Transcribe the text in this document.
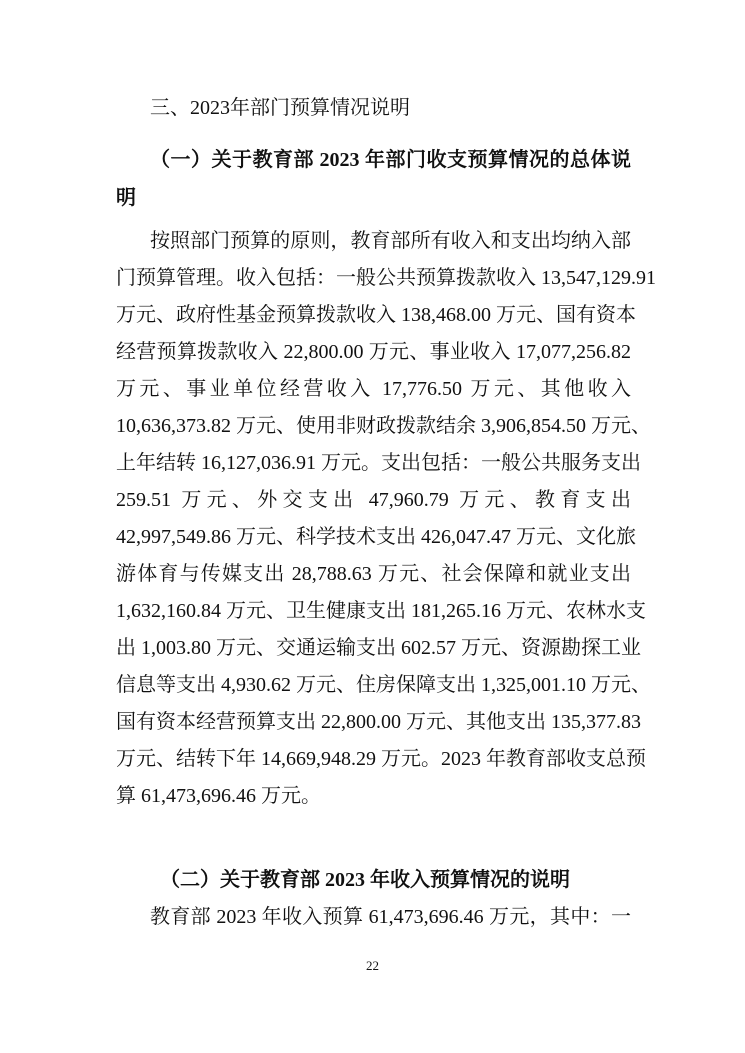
三、2023年部门预算情况说明
（一）关于教育部 2023 年部门收支预算情况的总体说
明
按照部门预算的原则，教育部所有收入和支出均纳入部
门预算管理。收入包括：一般公共预算拨款收入 13,547,129.91
万元、政府性基金预算拨款收入 138,468.00 万元、国有资本
经营预算拨款收入 22,800.00 万元、事业收入 17,077,256.82
万元、事业单位经营收入 17,776.50 万元、其他收入
10,636,373.82 万元、使用非财政拨款结余 3,906,854.50 万元、
上年结转 16,127,036.91 万元。支出包括：一般公共服务支出
259.51 万元、外交支出 47,960.79 万元、教育支出
42,997,549.86 万元、科学技术支出 426,047.47 万元、文化旅
游体育与传媒支出 28,788.63 万元、社会保障和就业支出
1,632,160.84 万元、卫生健康支出 181,265.16 万元、农林水支
出 1,003.80 万元、交通运输支出 602.57 万元、资源勘探工业
信息等支出 4,930.62 万元、住房保障支出 1,325,001.10 万元、
国有资本经营预算支出 22,800.00 万元、其他支出 135,377.83
万元、结转下年 14,669,948.29 万元。2023 年教育部收支总预
算 61,473,696.46 万元。
（二）关于教育部 2023 年收入预算情况的说明
教育部 2023 年收入预算 61,473,696.46 万元，其中：一
22
